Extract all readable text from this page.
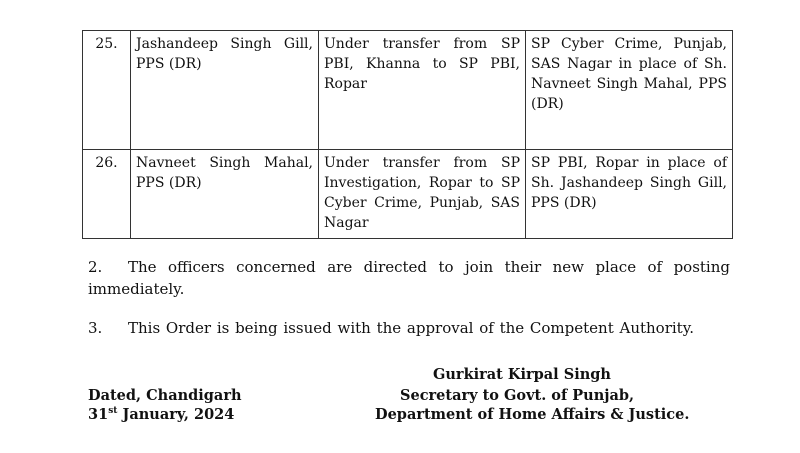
25.	Jashandeep Singh Gill, PPS (DR)	Under transfer from SP PBI, Khanna to SP PBI, Ropar	SP Cyber Crime, Punjab, SAS Nagar in place of Sh. Navneet Singh Mahal, PPS (DR)
26.	Navneet Singh Mahal, PPS (DR)	Under transfer from SP Investigation, Ropar to SP Cyber Crime, Punjab, SAS Nagar	SP PBI, Ropar in place of Sh. Jashandeep Singh Gill, PPS (DR)
2. The officers concerned are directed to join their new place of posting immediately.
3. This Order is being issued with the approval of the Competent Authority.
Gurkirat Kirpal Singh
Secretary to Govt. of Punjab,
Department of Home Affairs & Justice.
Dated, Chandigarh
31st January, 2024
